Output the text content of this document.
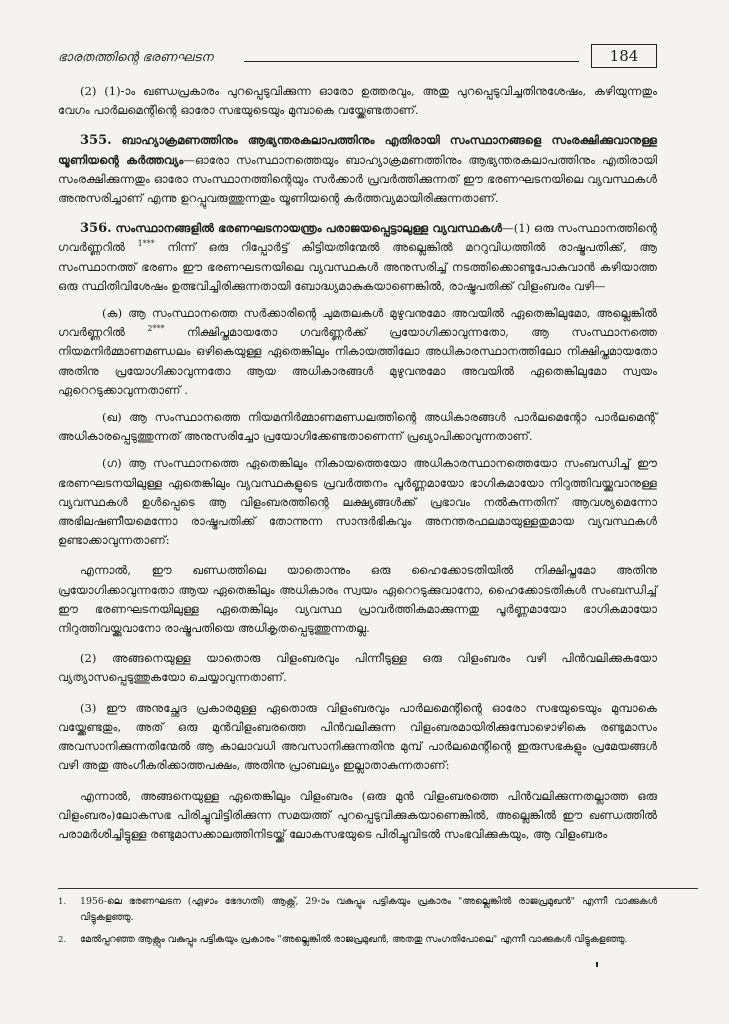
ഭാരതത്തിന്റെ ഭരണഘടന	184

(2) (1)-ാം ഖണ്ഡപ്രകാരം പുറപ്പെടുവിക്കുന്ന ഓരോ ഉത്തരവും, അതു പുറപ്പെടുവിച്ചതിനുശേഷം, കഴിയുന്നതും വേഗം പാർലമെന്റിന്റെ ഓരോ സഭയുടെയും മുമ്പാകെ വയ്ക്കേണ്ടതാണ്.

355. ബാഹ്യാക്രമണത്തിനും ആഭ്യന്തരകലാപത്തിനും എതിരായി സംസ്ഥാനങ്ങളെ സംരക്ഷിക്കുവാനുള്ള യൂണിയന്റെ കർത്തവ്യം—ഓരോ സംസ്ഥാനത്തെയും ബാഹ്യാക്രമണത്തിനും ആഭ്യന്തരകലാപത്തിനും എതിരായി സംരക്ഷിക്കുന്നതും ഓരോ സംസ്ഥാനത്തിന്റെയും സർക്കാർ പ്രവർത്തിക്കുന്നത് ഈ ഭരണഘടനയിലെ വ്യവസ്ഥകൾ അനുസരിച്ചാണ് എന്നു ഉറപ്പുവരുത്തുന്നതും യൂണിയന്റെ കർത്തവ്യമായിരിക്കുന്നതാണ്.

356. സംസ്ഥാനങ്ങളിൽ ഭരണഘടനായന്ത്രം പരാജയപ്പെട്ടാലുള്ള വ്യവസ്ഥകൾ—(1) ഒരു സംസ്ഥാനത്തിന്റെ ഗവർണ്ണറിൽ $^{1***}$ നിന്ന് ഒരു റിപ്പോർട്ട് കിട്ടിയതിന്മേൽ അല്ലെങ്കിൽ മററുവിധത്തിൽ രാഷ്ട്രപതിക്ക്, ആ സംസ്ഥാനത്ത് ഭരണം ഈ ഭരണഘടനയിലെ വ്യവസ്ഥകൾ അനുസരിച്ച് നടത്തിക്കൊണ്ടുപോകുവാൻ കഴിയാത്ത ഒരു സ്ഥിതിവിശേഷം ഉത്ഭവിച്ചിരിക്കുന്നതായി ബോദ്ധ്യമാകുകയാണെങ്കിൽ, രാഷ്ട്രപതിക്ക് വിളംബരം വഴി—

(ക) ആ സംസ്ഥാനത്തെ സർക്കാരിന്റെ ചുമതലകൾ മുഴുവനുമോ അവയിൽ ഏതെങ്കിലുമോ, അല്ലെങ്കിൽ ഗവർണ്ണറിൽ $^{2***}$ നിക്ഷിപ്തമായതോ ഗവർണ്ണർക്ക് പ്രയോഗിക്കാവുന്നതോ, ആ സംസ്ഥാനത്തെ നിയമനിർമ്മാണമണ്ഡലം ഒഴികെയുള്ള ഏതെങ്കിലും നികായത്തിലോ അധികാരസ്ഥാനത്തിലോ നിക്ഷിപ്തമായതോ അതിനു പ്രയോഗിക്കാവുന്നതോ ആയ അധികാരങ്ങൾ മുഴുവനുമോ അവയിൽ ഏതെങ്കിലുമോ സ്വയം ഏറെറടുക്കാവുന്നതാണ് .

(ഖ) ആ സംസ്ഥാനത്തെ നിയമനിർമ്മാണമണ്ഡലത്തിന്റെ അധികാരങ്ങൾ പാർലമെന്റോ പാർലമെന്റ് അധികാരപ്പെടുത്തുന്നത് അനുസരിച്ചോ പ്രയോഗിക്കേണ്ടതാണെന്ന് പ്രഖ്യാപിക്കാവുന്നതാണ്.

(ഗ) ആ സംസ്ഥാനത്തെ ഏതെങ്കിലും നികായത്തെയോ അധികാരസ്ഥാനത്തെയോ സംബന്ധിച്ച് ഈ ഭരണഘടനയിലുള്ള ഏതെങ്കിലും വ്യവസ്ഥകളുടെ പ്രവർത്തനം പൂർണ്ണമായോ ഭാഗികമായോ നിറുത്തിവയ്ക്കുവാനുള്ള വ്യവസ്ഥകൾ ഉൾപ്പെടെ ആ വിളംബരത്തിന്റെ ലക്ഷ്യങ്ങൾക്ക് പ്രഭാവം നൽകുന്നതിന് ആവശ്യമെന്നോ അഭിലഷണീയമെന്നോ രാഷ്ട്രപതിക്ക് തോന്നുന്ന സാന്ദർഭികവും അനന്തരഫലമായുള്ളതുമായ വ്യവസ്ഥകൾ ഉണ്ടാക്കാവുന്നതാണ്:

എന്നാൽ, ഈ ഖണ്ഡത്തിലെ യാതൊന്നും ഒരു ഹൈക്കോടതിയിൽ നിക്ഷിപ്തമോ അതിനു പ്രയോഗിക്കാവുന്നതോ ആയ ഏതെങ്കിലും അധികാരം സ്വയം ഏറെറടുക്കുവാനോ, ഹൈക്കോടതികൾ സംബന്ധിച്ച് ഈ ഭരണഘടനയിലുള്ള ഏതെങ്കിലും വ്യവസ്ഥ പ്രാവർത്തികമാക്കുന്നതു പൂർണ്ണമായോ ഭാഗികമായോ നിറുത്തിവയ്ക്കുവാനോ രാഷ്ട്രപതിയെ അധികൃതപ്പെടുത്തുന്നതല്ല.

(2) അങ്ങനെയുള്ള യാതൊരു വിളംബരവും പിന്നീടുള്ള ഒരു വിളംബരം വഴി പിൻവലിക്കുകയോ വ്യത്യാസപ്പെടുത്തുകയോ ചെയ്യാവുന്നതാണ്.

(3) ഈ അനുച്ഛേദ പ്രകാരമുള്ള ഏതൊരു വിളംബരവും പാർലമെന്റിന്റെ ഓരോ സഭയുടെയും മുമ്പാകെ വയ്ക്കേണ്ടതും, അത് ഒരു മുൻവിളംബരത്തെ പിൻവലിക്കുന്ന വിളംബരമായിരിക്കുമ്പോഴൊഴികെ രണ്ടുമാസം അവസാനിക്കുന്നതിന്മേൽ ആ കാലാവധി അവസാനിക്കുന്നതിനു മുമ്പ് പാർലമെന്റിന്റെ ഇരുസഭകളും പ്രമേയങ്ങൾ വഴി അതു അംഗീകരിക്കാത്തപക്ഷം, അതിനു പ്രാബല്യം ഇല്ലാതാകുന്നതാണ്:

എന്നാൽ, അങ്ങനെയുള്ള ഏതെങ്കിലും വിളംബരം (ഒരു മുൻ വിളംബരത്തെ പിൻവലിക്കുന്നതല്ലാത്ത ഒരു വിളംബരം)ലോകസഭ പിരിച്ചുവിട്ടിരിക്കുന്ന സമയത്ത് പുറപ്പെടുവിക്കുകയാണെങ്കിൽ, അല്ലെങ്കിൽ ഈ ഖണ്ഡത്തിൽ പരാമർശിച്ചിട്ടുള്ള രണ്ടുമാസക്കാലത്തിനിടയ്ക്ക് ലോകസഭയുടെ പിരിച്ചുവിടൽ സംഭവിക്കുകയും, ആ വിളംബരം

1.	1956-ലെ ഭരണഘടന (ഏഴാം ഭേദഗതി) ആക്റ്റ്, 29-ാം വകുപ്പും പട്ടികയും പ്രകാരം "അല്ലെങ്കിൽ രാജപ്രമുഖൻ" എന്നീ വാക്കുകൾ വിട്ടുകളഞ്ഞു.
2.	മേൽപ്പറഞ്ഞ ആക്റ്റും വകുപ്പും പട്ടികയും പ്രകാരം "അല്ലെങ്കിൽ രാജപ്രമുഖൻ, അതതു സംഗതിപോലെ" എന്നീ വാക്കുകൾ വിട്ടുകളഞ്ഞു.
